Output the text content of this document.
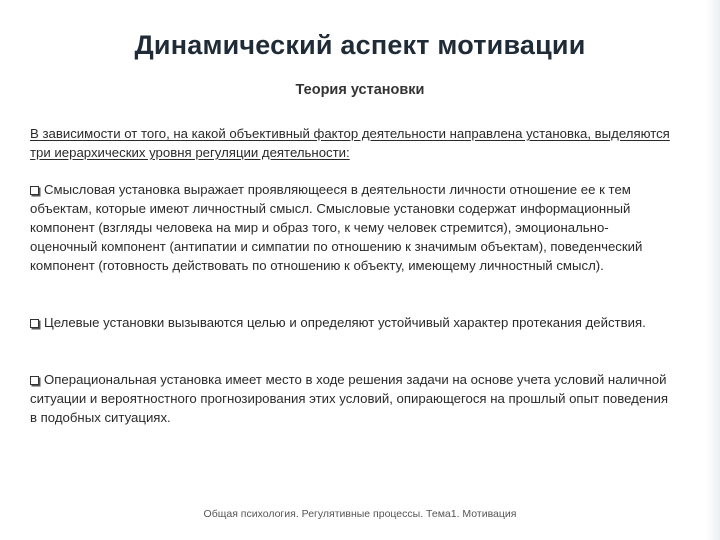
Динамический аспект мотивации
Теория установки
В зависимости от того, на какой объективный фактор деятельности направлена установка, выделяются три иерархических уровня регуляции деятельности:
Смысловая установка выражает проявляющееся в деятельности личности отношение ее к тем объектам, которые имеют личностный смысл. Смысловые установки содержат информационный компонент (взгляды человека на мир и образ того, к чему человек стремится), эмоционально-оценочный компонент (антипатии и симпатии по отношению к значимым объектам), поведенческий компонент (готовность действовать по отношению к объекту, имеющему личностный смысл).
Целевые установки вызываются целью и определяют устойчивый характер протекания действия.
Операциональная установка имеет место в ходе решения задачи на основе учета условий наличной ситуации и вероятностного прогнозирования этих условий, опирающегося на прошлый опыт поведения в подобных ситуациях.
Общая психология. Регулятивные процессы. Тема1. Мотивация
